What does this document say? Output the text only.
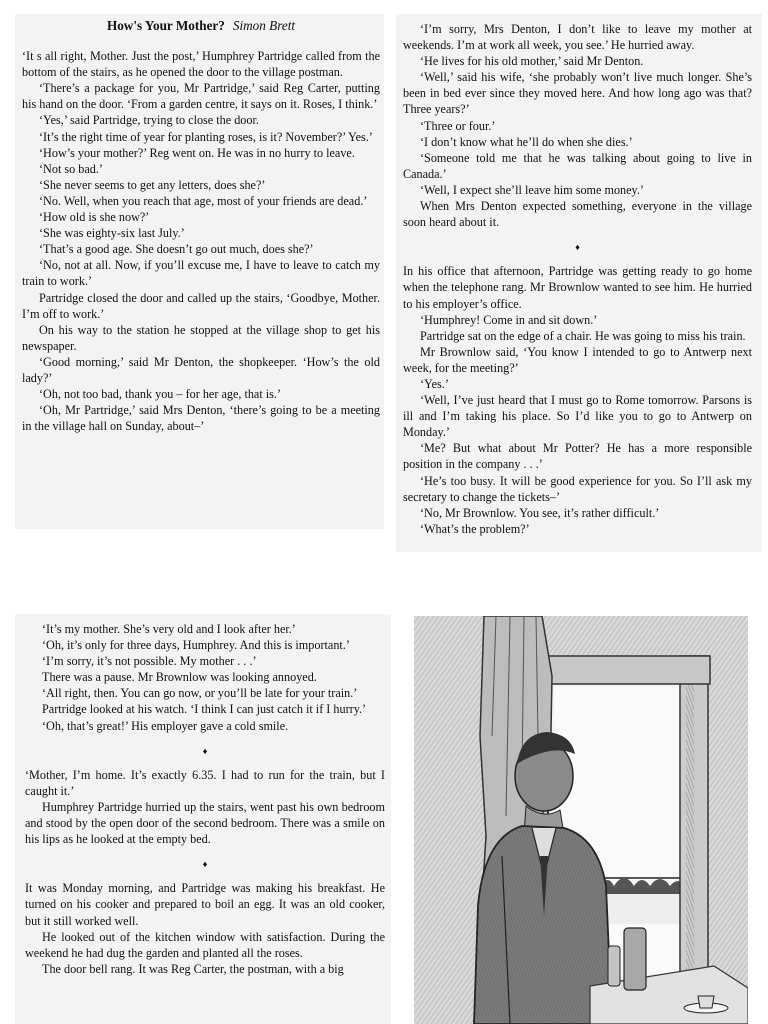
How's Your Mother? Simon Brett

‘It s all right, Mother. Just the post,’ Humphrey Partridge called from the bottom of the stairs, as he opened the door to the village postman.

‘There’s a package for you, Mr Partridge,’ said Reg Carter, putting his hand on the door. ‘From a garden centre, it says on it. Roses, I think.’

‘Yes,’ said Partridge, trying to close the door.

‘It’s the right time of year for planting roses, is it? November?’ Yes.’

‘How’s your mother?’ Reg went on. He was in no hurry to leave.

‘Not so bad.’

‘She never seems to get any letters, does she?’

‘No. Well, when you reach that age, most of your friends are dead.’

‘How old is she now?’

‘She was eighty-six last July.’

‘That’s a good age. She doesn’t go out much, does she?’

‘No, not at all. Now, if you’ll excuse me, I have to leave to catch my train to work.’

Partridge closed the door and called up the stairs, ‘Goodbye, Mother. I’m off to work.’

On his way to the station he stopped at the village shop to get his newspaper.

‘Good morning,’ said Mr Denton, the shopkeeper. ‘How’s the old lady?’

‘Oh, not too bad, thank you – for her age, that is.’

‘Oh, Mr Partridge,’ said Mrs Denton, ‘there’s going to be a meeting in the village hall on Sunday, about–’

‘I’m sorry, Mrs Denton, I don’t like to leave my mother at weekends. I’m at work all week, you see.’ He hurried away.

‘He lives for his old mother,’ said Mr Denton.

‘Well,’ said his wife, ‘she probably won’t live much longer. She’s been in bed ever since they moved here. And how long ago was that? Three years?’

‘Three or four.’

‘I don’t know what he’ll do when she dies.’

‘Someone told me that he was talking about going to live in Canada.’

‘Well, I expect she’ll leave him some money.’

When Mrs Denton expected something, everyone in the village soon heard about it.

♦

In his office that afternoon, Partridge was getting ready to go home when the telephone rang. Mr Brownlow wanted to see him. He hurried to his employer’s office.

‘Humphrey! Come in and sit down.’

Partridge sat on the edge of a chair. He was going to miss his train.

Mr Brownlow said, ‘You know I intended to go to Antwerp next week, for the meeting?’

‘Yes.’

‘Well, I’ve just heard that I must go to Rome tomorrow. Parsons is ill and I’m taking his place. So I’d like you to go to Antwerp on Monday.’

‘Me? But what about Mr Potter? He has a more responsible position in the company . . .’

‘He’s too busy. It will be good experience for you. So I’ll ask my secretary to change the tickets–’

‘No, Mr Brownlow. You see, it’s rather difficult.’

‘What’s the problem?’

‘It’s my mother. She’s very old and I look after her.’

‘Oh, it’s only for three days, Humphrey. And this is important.’

‘I’m sorry, it’s not possible. My mother . . .’

There was a pause. Mr Brownlow was looking annoyed.

‘All right, then. You can go now, or you’ll be late for your train.’

Partridge looked at his watch. ‘I think I can just catch it if I hurry.’

‘Oh, that’s great!’ His employer gave a cold smile.

♦

‘Mother, I’m home. It’s exactly 6.35. I had to run for the train, but I caught it.’

Humphrey Partridge hurried up the stairs, went past his own bedroom and stood by the open door of the second bedroom. There was a smile on his lips as he looked at the empty bed.

♦

It was Monday morning, and Partridge was making his breakfast. He turned on his cooker and prepared to boil an egg. It was an old cooker, but it still worked well.

He looked out of the kitchen window with satisfaction. During the weekend he had dug the garden and planted all the roses.

The door bell rang. It was Reg Carter, the postman, with a big
